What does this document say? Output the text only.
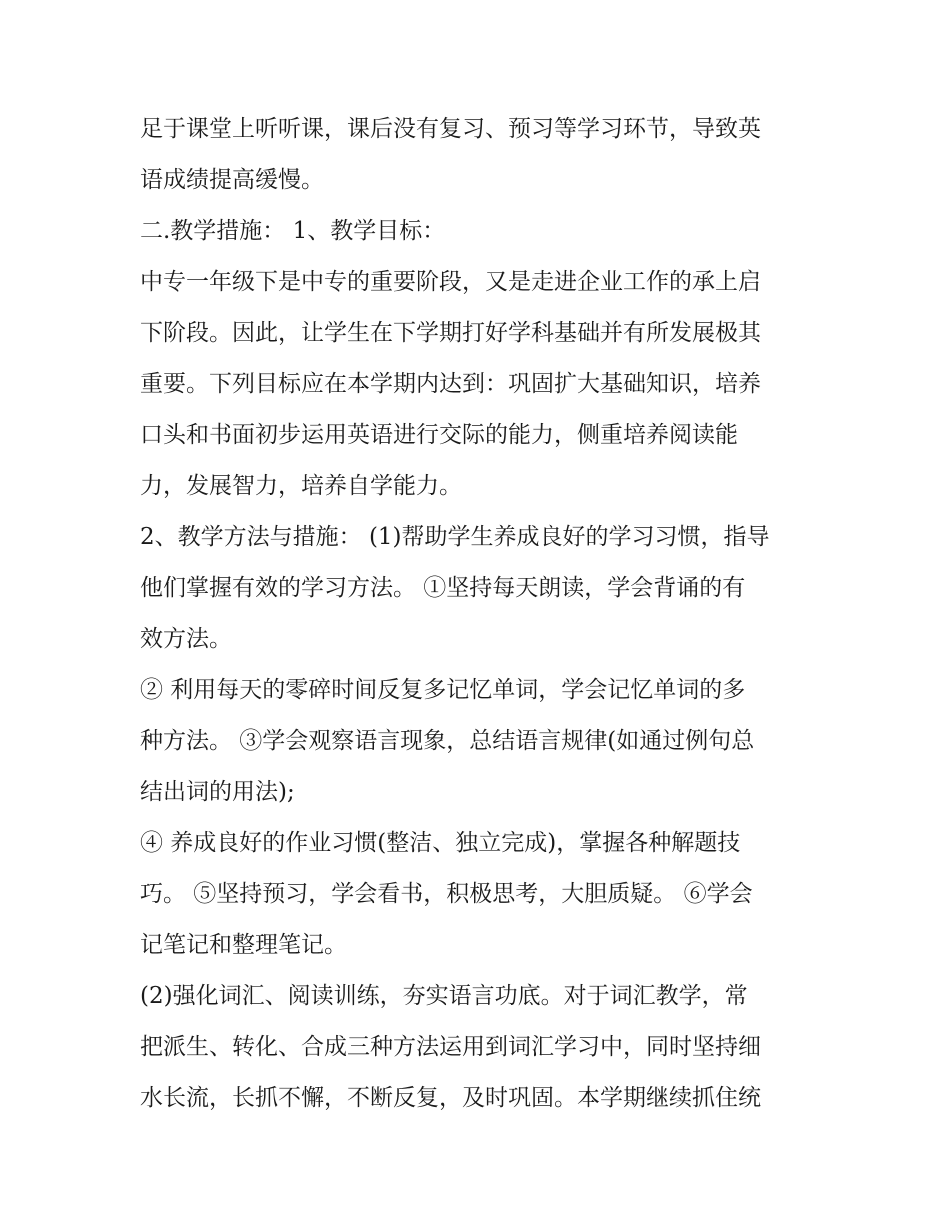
足于课堂上听听课，课后没有复习、预习等学习环节，导致英
语成绩提高缓慢。
二.教学措施： 1、教学目标：
中专一年级下是中专的重要阶段，又是走进企业工作的承上启
下阶段。因此，让学生在下学期打好学科基础并有所发展极其
重要。下列目标应在本学期内达到：巩固扩大基础知识，培养
口头和书面初步运用英语进行交际的能力，侧重培养阅读能
力，发展智力，培养自学能力。
2、教学方法与措施： (1)帮助学生养成良好的学习习惯，指导
他们掌握有效的学习方法。 ①坚持每天朗读，学会背诵的有
效方法。
② 利用每天的零碎时间反复多记忆单词，学会记忆单词的多
种方法。 ③学会观察语言现象，总结语言规律(如通过例句总
结出词的用法);
④ 养成良好的作业习惯(整洁、独立完成)，掌握各种解题技
巧。 ⑤坚持预习，学会看书，积极思考，大胆质疑。 ⑥学会
记笔记和整理笔记。
(2)强化词汇、阅读训练，夯实语言功底。对于词汇教学，常
把派生、转化、合成三种方法运用到词汇学习中，同时坚持细
水长流，长抓不懈，不断反复，及时巩固。本学期继续抓住统
